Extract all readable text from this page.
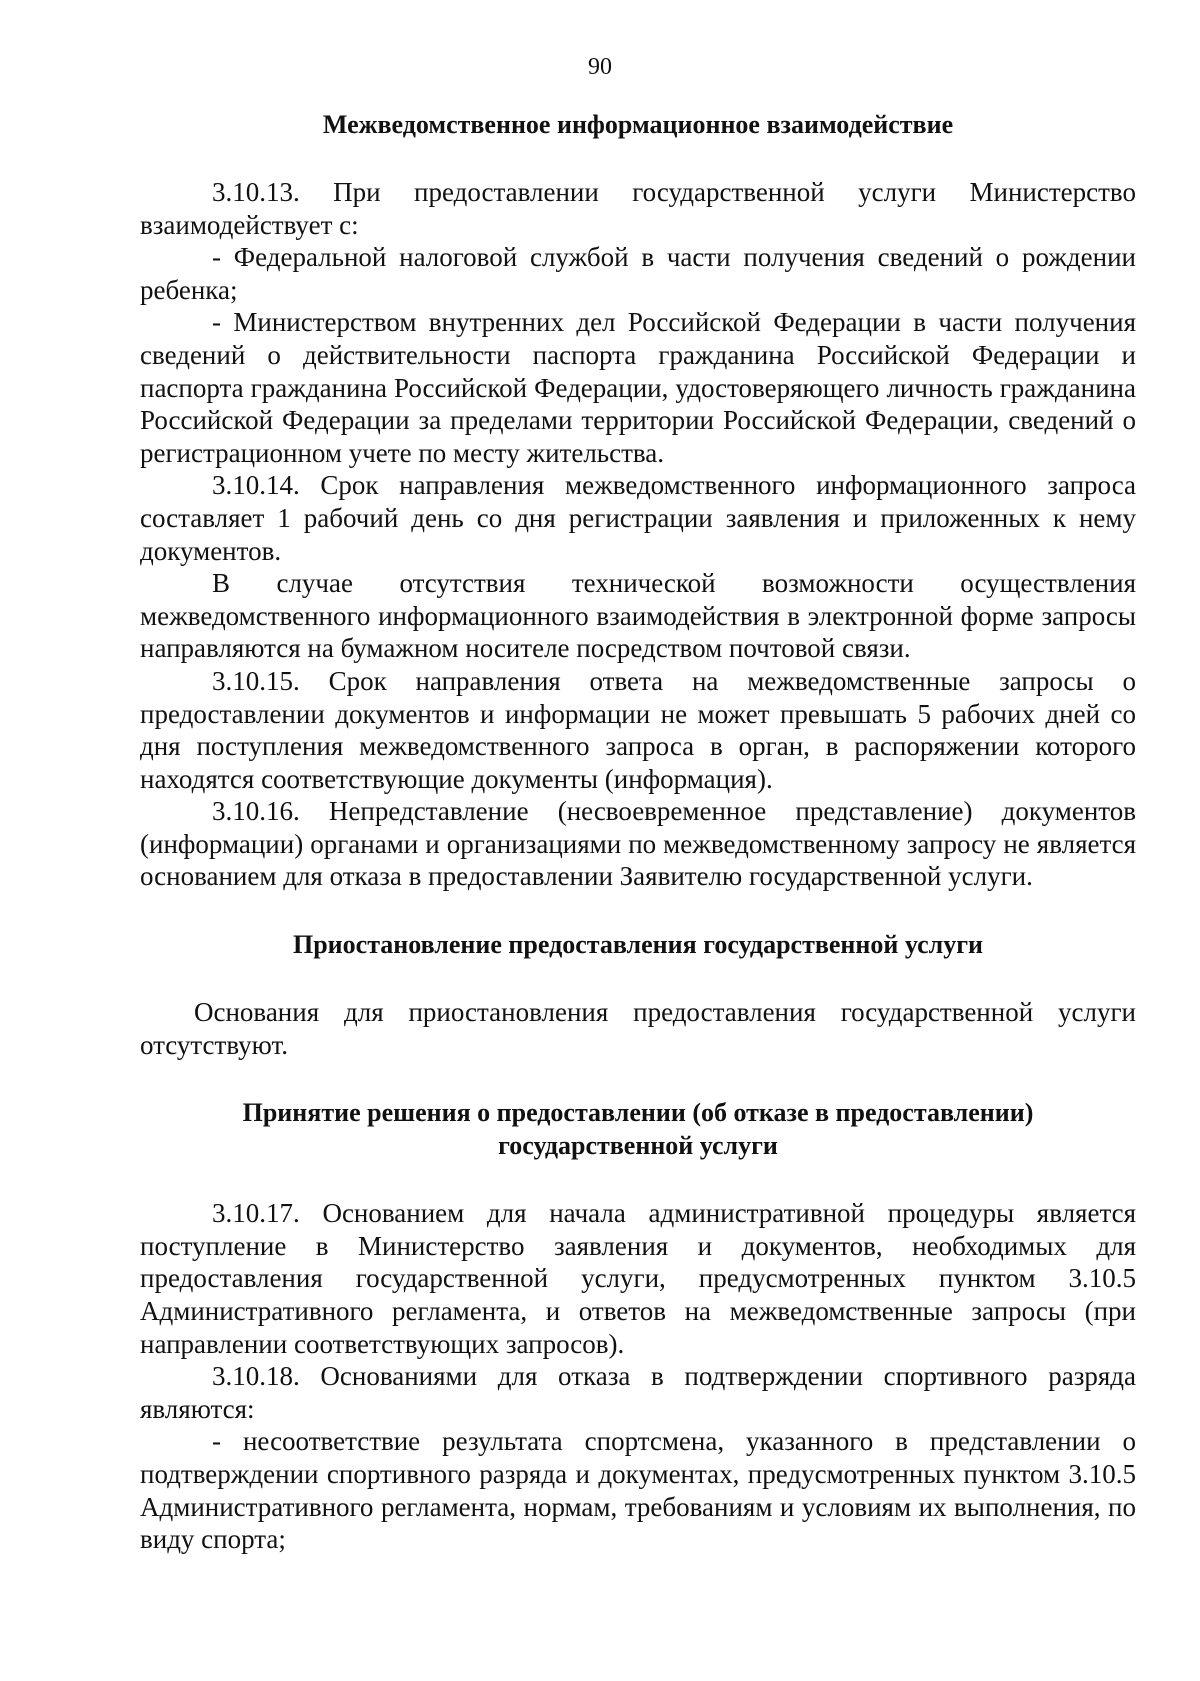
90

Межведомственное информационное взаимодействие

3.10.13. При предоставлении государственной услуги Министерство взаимодействует с:

- Федеральной налоговой службой в части получения сведений о рождении ребенка;

- Министерством внутренних дел Российской Федерации в части получения сведений о действительности паспорта гражданина Российской Федерации и паспорта гражданина Российской Федерации, удостоверяющего личность гражданина Российской Федерации за пределами территории Российской Федерации, сведений о регистрационном учете по месту жительства.

3.10.14. Срок направления межведомственного информационного запроса составляет 1 рабочий день со дня регистрации заявления и приложенных к нему документов.

В случае отсутствия технической возможности осуществления межведомственного информационного взаимодействия в электронной форме запросы направляются на бумажном носителе посредством почтовой связи.

3.10.15. Срок направления ответа на межведомственные запросы о предоставлении документов и информации не может превышать 5 рабочих дней со дня поступления межведомственного запроса в орган, в распоряжении которого находятся соответствующие документы (информация).

3.10.16. Непредставление (несвоевременное представление) документов (информации) органами и организациями по межведомственному запросу не является основанием для отказа в предоставлении Заявителю государственной услуги.

Приостановление предоставления государственной услуги

Основания для приостановления предоставления государственной услуги отсутствуют.

Принятие решения о предоставлении (об отказе в предоставлении)

государственной услуги

3.10.17. Основанием для начала административной процедуры является поступление в Министерство заявления и документов, необходимых для предоставления государственной услуги, предусмотренных пунктом 3.10.5 Административного регламента, и ответов на межведомственные запросы (при направлении соответствующих запросов).

3.10.18. Основаниями для отказа в подтверждении спортивного разряда являются:

- несоответствие результата спортсмена, указанного в представлении о подтверждении спортивного разряда и документах, предусмотренных пунктом 3.10.5 Административного регламента, нормам, требованиям и условиям их выполнения, по виду спорта;
